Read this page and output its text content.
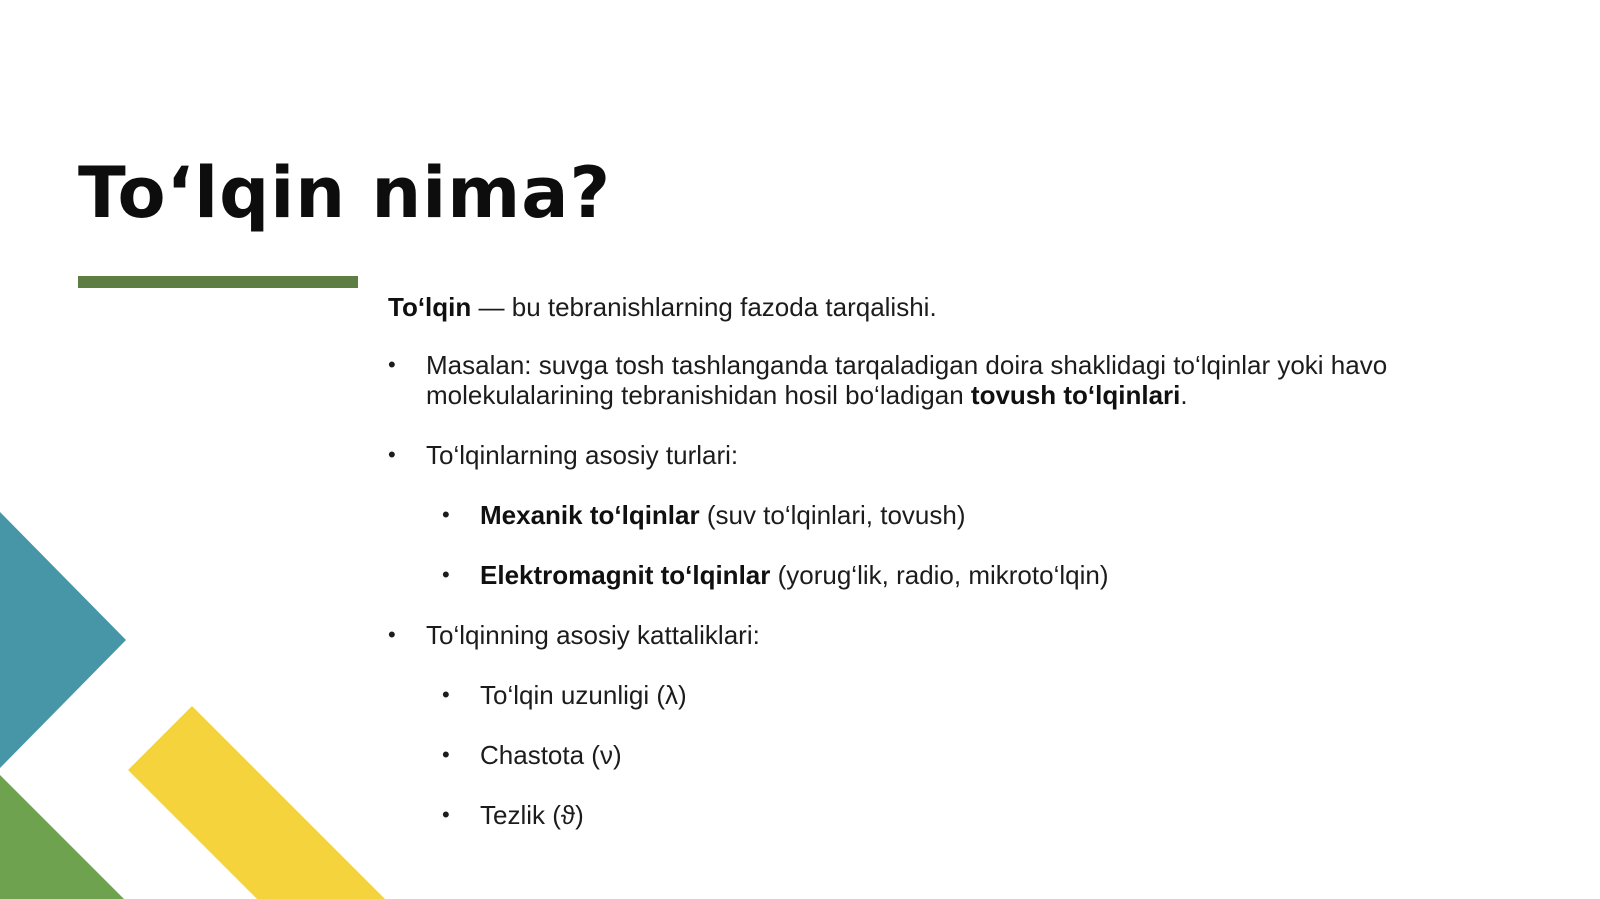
To‘lqin nima?

To‘lqin — bu tebranishlarning fazoda tarqalishi.

• Masalan: suvga tosh tashlanganda tarqaladigan doira shaklidagi to‘lqinlar yoki havo molekulalarining tebranishidan hosil bo‘ladigan tovush to‘lqinlari.
• To‘lqinlarning asosiy turlari:
• Mexanik to‘lqinlar (suv to‘lqinlari, tovush)
• Elektromagnit to‘lqinlar (yorug‘lik, radio, mikroto‘lqin)
• To‘lqinning asosiy kattaliklari:
• To‘lqin uzunligi (λ)
• Chastota (ν)
• Tezlik (ϑ)
